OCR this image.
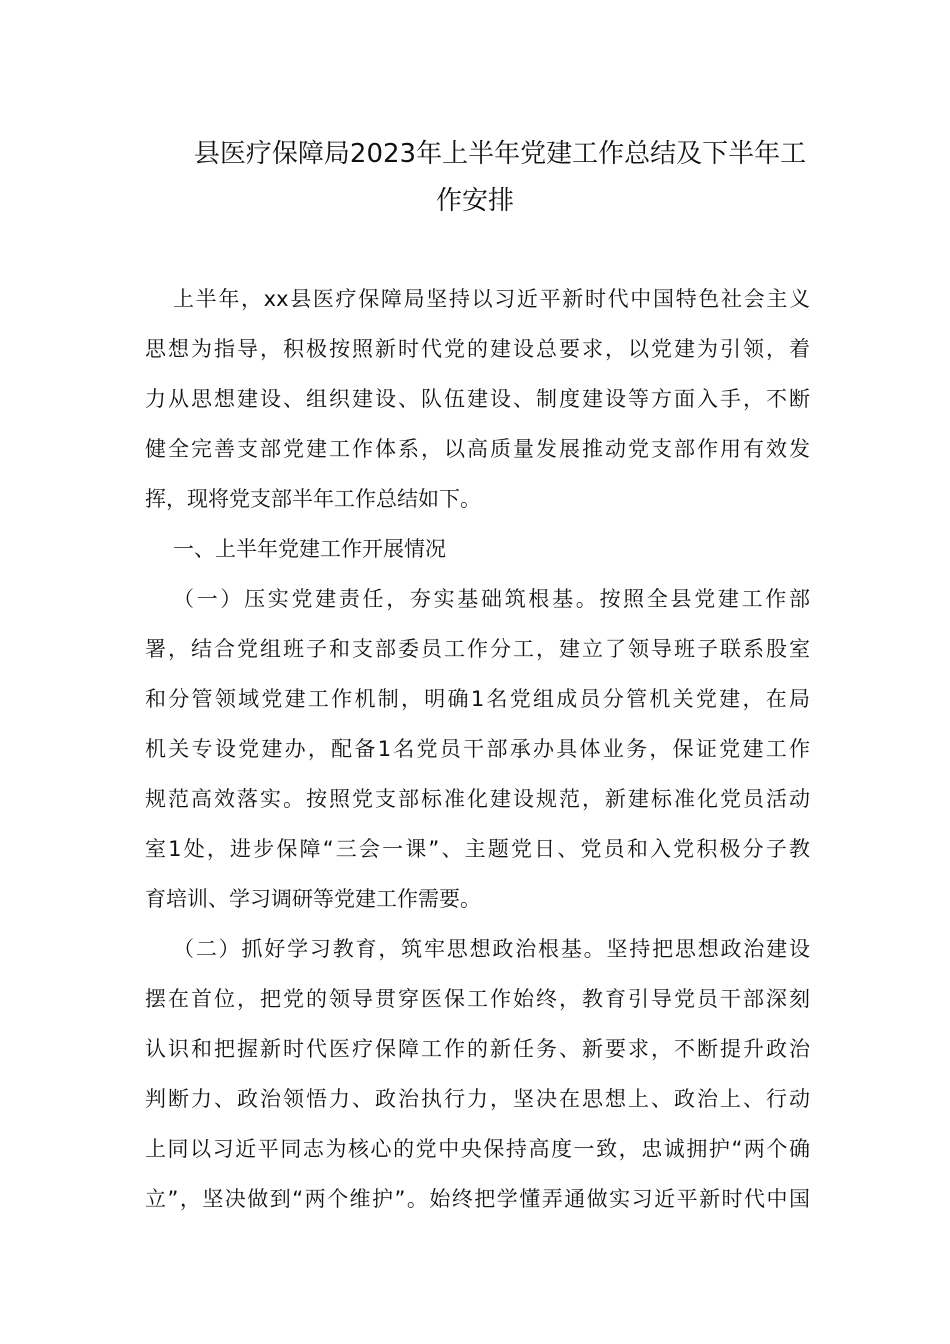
县医疗保障局2023年上半年党建工作总结及下半年工
作安排
上半年，xx县医疗保障局坚持以习近平新时代中国特色社会主义
思想为指导，积极按照新时代党的建设总要求，以党建为引领，着
力从思想建设、组织建设、队伍建设、制度建设等方面入手，不断
健全完善支部党建工作体系，以高质量发展推动党支部作用有效发
挥，现将党支部半年工作总结如下。
一、上半年党建工作开展情况
（一）压实党建责任，夯实基础筑根基。按照全县党建工作部
署，结合党组班子和支部委员工作分工，建立了领导班子联系股室
和分管领域党建工作机制，明确1名党组成员分管机关党建，在局
机关专设党建办，配备1名党员干部承办具体业务，保证党建工作
规范高效落实。按照党支部标准化建设规范，新建标准化党员活动
室1处，进步保障“三会一课”、主题党日、党员和入党积极分子教
育培训、学习调研等党建工作需要。
（二）抓好学习教育，筑牢思想政治根基。坚持把思想政治建设
摆在首位，把党的领导贯穿医保工作始终，教育引导党员干部深刻
认识和把握新时代医疗保障工作的新任务、新要求，不断提升政治
判断力、政治领悟力、政治执行力，坚决在思想上、政治上、行动
上同以习近平同志为核心的党中央保持高度一致，忠诚拥护“两个确
立”，坚决做到“两个维护”。始终把学懂弄通做实习近平新时代中国
